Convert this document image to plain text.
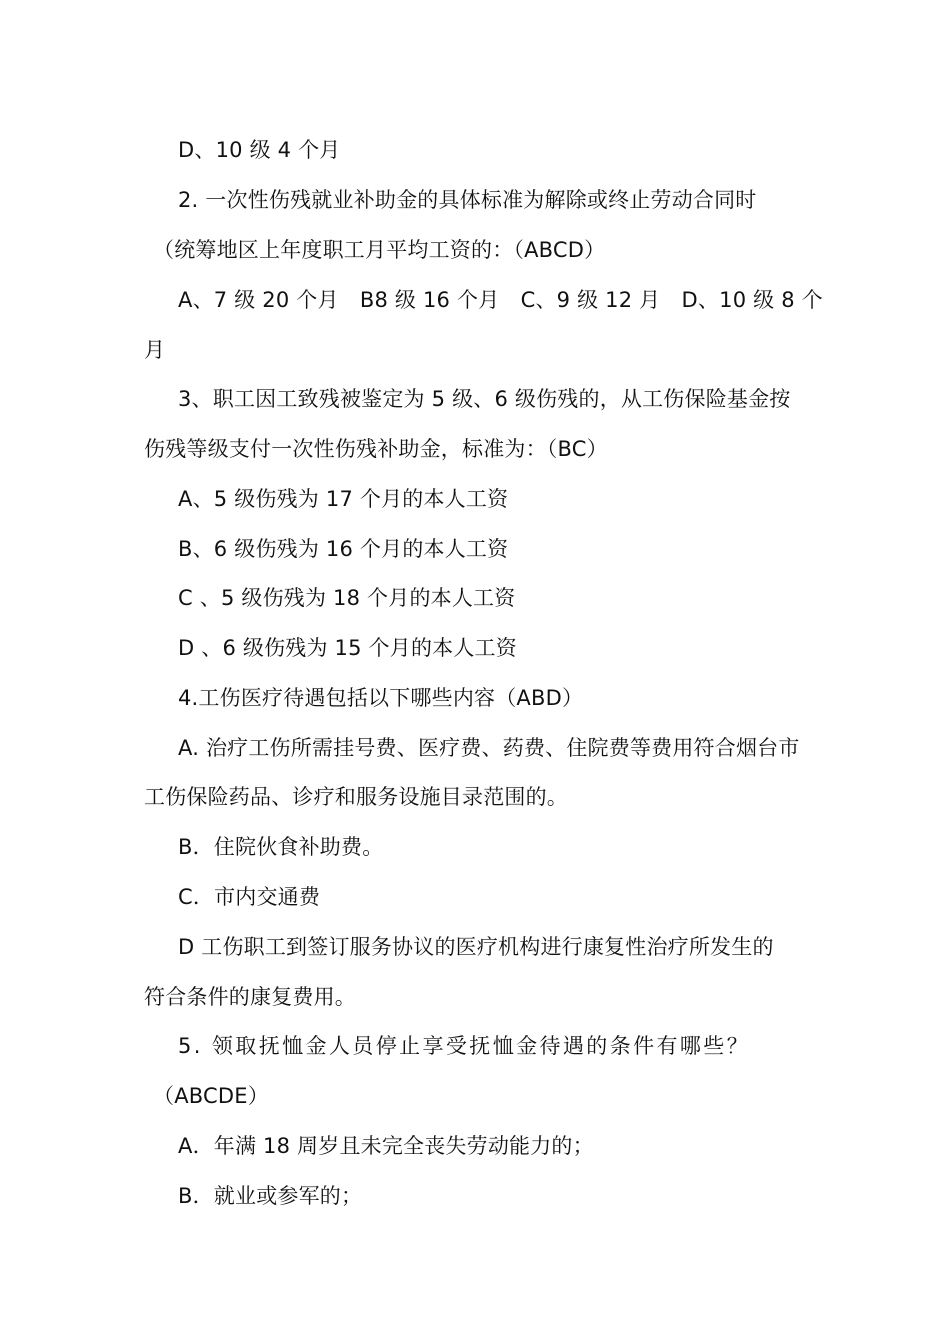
D、10 级 4 个月
2. 一次性伤残就业补助金的具体标准为解除或终止劳动合同时
（统筹地区上年度职工月平均工资的：（ABCD）
A、7 级 20 个月　B8 级 16 个月　C、9 级 12 月　D、10 级 8 个
月
3、职工因工致残被鉴定为 5 级、6 级伤残的，从工伤保险基金按
伤残等级支付一次性伤残补助金，标准为：（BC）
A、5 级伤残为 17 个月的本人工资
B、6 级伤残为 16 个月的本人工资
C 、5 级伤残为 18 个月的本人工资
D 、6 级伤残为 15 个月的本人工资
4.工伤医疗待遇包括以下哪些内容（ABD）
A. 治疗工伤所需挂号费、医疗费、药费、住院费等费用符合烟台市
工伤保险药品、诊疗和服务设施目录范围的。
B．住院伙食补助费。
C．市内交通费
D 工伤职工到签订服务协议的医疗机构进行康复性治疗所发生的
符合条件的康复费用。
5. 领取抚恤金人员停止享受抚恤金待遇的条件有哪些？
（ABCDE）
A．年满 18 周岁且未完全丧失劳动能力的；
B．就业或参军的；
